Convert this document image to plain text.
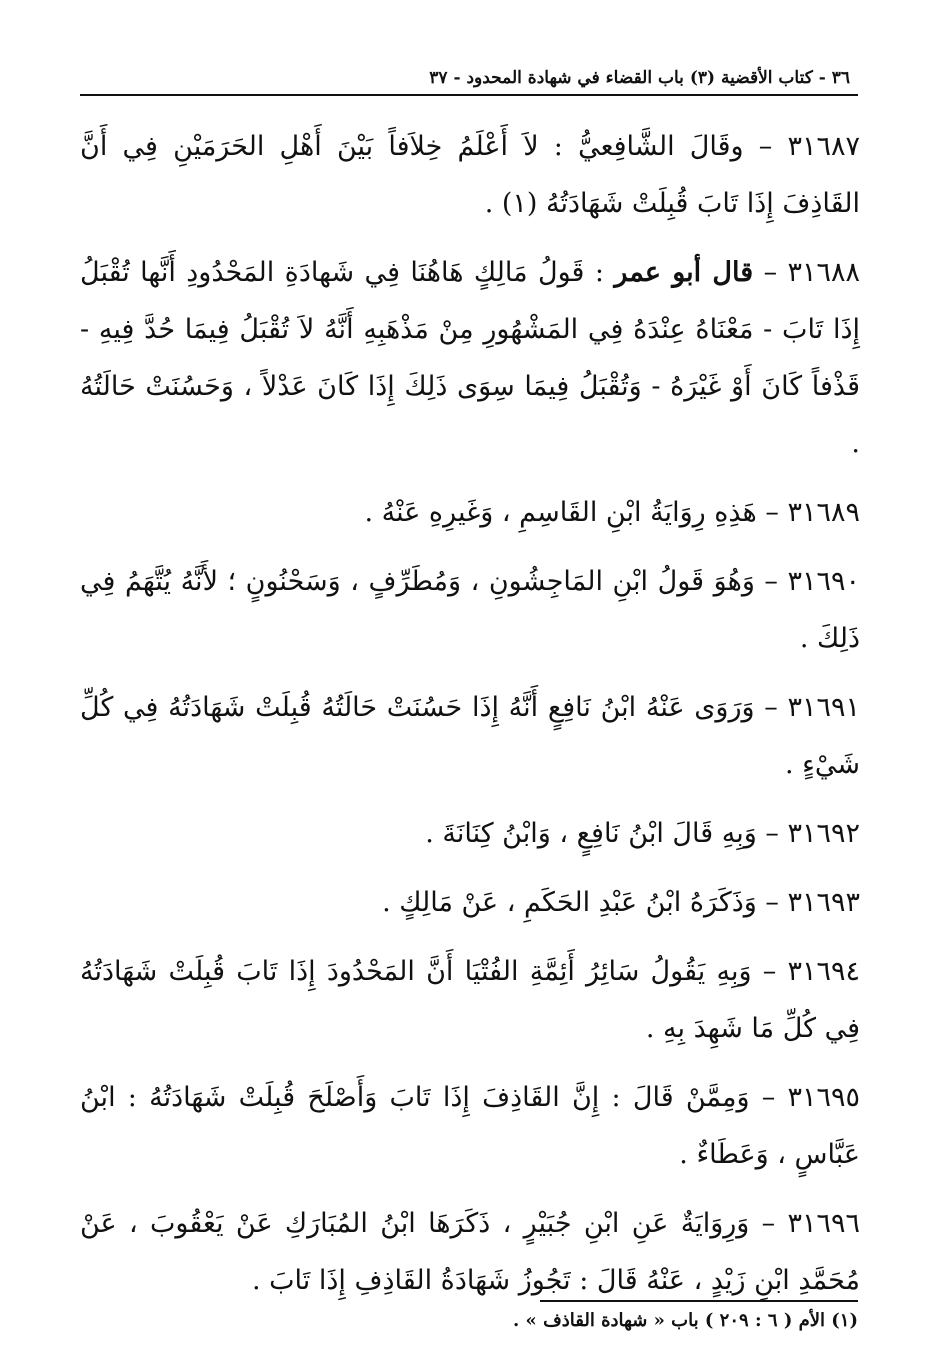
٣٦ - كتاب الأقضية (٣) باب القضاء في شهادة المحدود - ٣٧

٣١٦٨٧ – وقَالَ الشَّافِعيُّ : لاَ أَعْلَمُ خِلاَفاً بَيْنَ أَهْلِ الحَرَمَيْنِ فِي أَنَّ القَاذِفَ إِذَا تَابَ قُبِلَتْ شَهَادَتُهُ (١) .

٣١٦٨٨ – قال أبو عمر : قَولُ مَالِكٍ هَاهُنَا فِي شَهادَةِ المَحْدُودِ أَنَّها تُقْبَلُ إِذَا تَابَ - مَعْنَاهُ عِنْدَهُ فِي المَشْهُورِ مِنْ مَذْهَبِهِ أَنَّهُ لاَ تُقْبَلُ فِيمَا حُدَّ فِيهِ - قَذْفاً كَانَ أَوْ غَيْرَهُ - وَتُقْبَلُ فِيمَا سِوَى ذَلِكَ إِذَا كَانَ عَدْلاً ، وَحَسُنَتْ حَالَتُهُ .

٣١٦٨٩ – هَذِهِ رِوَايَةُ ابْنِ القَاسِمِ ، وَغَيرِهِ عَنْهُ .

٣١٦٩٠ – وَهُوَ قَولُ ابْنِ المَاجِشُونِ ، وَمُطَرِّفٍ ، وَسَحْنُونٍ ؛ لأَنَّهُ يُتَّهَمُ فِي ذَلِكَ .

٣١٦٩١ – وَرَوَى عَنْهُ ابْنُ نَافِعٍ أَنَّهُ إِذَا حَسُنَتْ حَالَتُهُ قُبِلَتْ شَهَادَتُهُ فِي كُلِّ شَيْءٍ .

٣١٦٩٢ – وَبِهِ قَالَ ابْنُ نَافِعٍ ، وَابْنُ كِنَانَةَ .

٣١٦٩٣ – وَذَكَرَهُ ابْنُ عَبْدِ الحَكَمِ ، عَنْ مَالِكٍ .

٣١٦٩٤ – وَبِهِ يَقُولُ سَائِرُ أَئِمَّةِ الفُتْيَا أَنَّ المَحْدُودَ إِذَا تَابَ قُبِلَتْ شَهَادَتُهُ فِي كُلِّ مَا شَهِدَ بِهِ .

٣١٦٩٥ – وَمِمَّنْ قَالَ : إِنَّ القَاذِفَ إِذَا تَابَ وَأَصْلَحَ قُبِلَتْ شَهَادَتُهُ : ابْنُ عَبَّاسٍ ، وَعَطَاءٌ .

٣١٦٩٦ – وَرِوَايَةٌ عَنِ ابْنِ جُبَيْرٍ ، ذَكَرَهَا ابْنُ المُبَارَكِ عَنْ يَعْقُوبَ ، عَنْ مُحَمَّدِ ابْنِ زَيْدٍ ، عَنْهُ قَالَ : تَجُوزُ شَهَادَةُ القَاذِفِ إِذَا تَابَ .

(١) الأم ( ٦ : ٢٠٩ ) باب « شهادة القاذف » .
